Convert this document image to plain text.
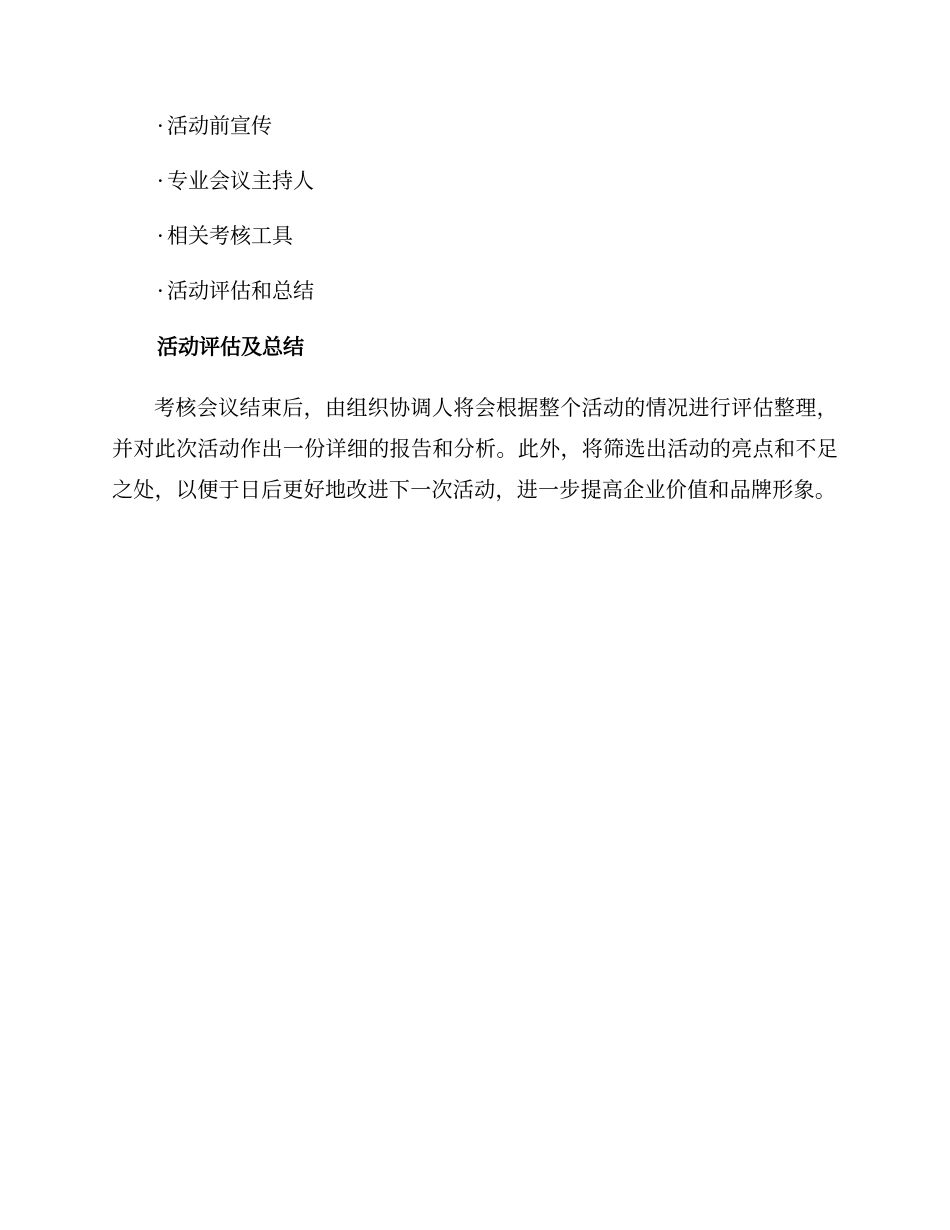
· 活动前宣传
· 专业会议主持人
· 相关考核工具
· 活动评估和总结
活动评估及总结

考核会议结束后，由组织协调人将会根据整个活动的情况进行评估整理，并对此次活动作出一份详细的报告和分析。此外，将筛选出活动的亮点和不足之处，以便于日后更好地改进下一次活动，进一步提高企业价值和品牌形象。
